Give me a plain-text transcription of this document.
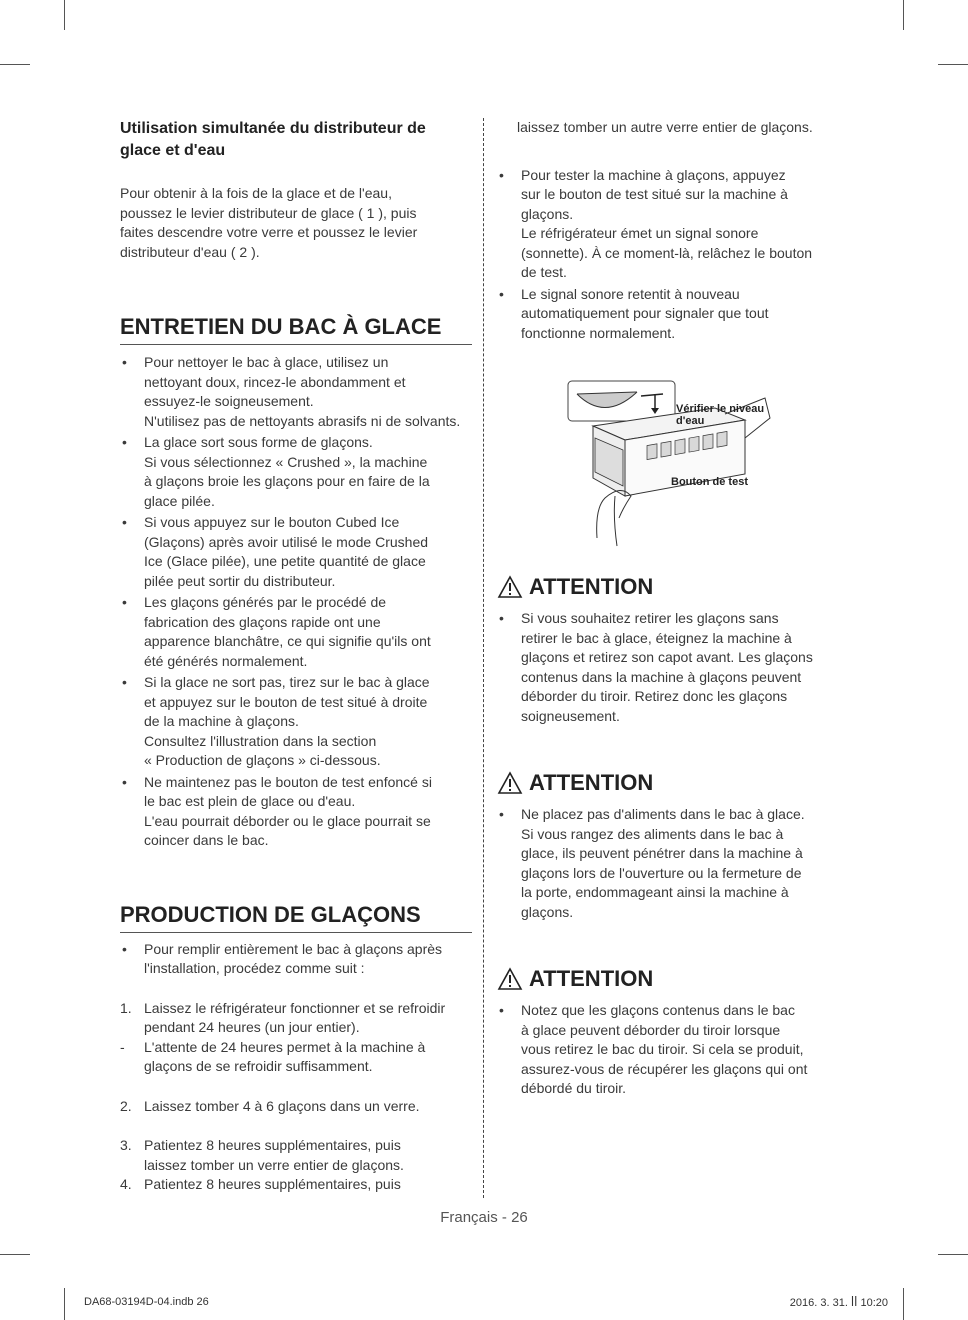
Utilisation simultanée du distributeur de
glace et d'eau

Pour obtenir à la fois de la glace et de l'eau,
poussez le levier distributeur de glace ( 1 ), puis
faites descendre votre verre et poussez le levier
distributeur d'eau ( 2 ).

ENTRETIEN DU BAC À GLACE
• Pour nettoyer le bac à glace, utilisez un
nettoyant doux, rincez-le abondamment et
essuyez-le soigneusement.
N'utilisez pas de nettoyants abrasifs ni de solvants.
• La glace sort sous forme de glaçons.
Si vous sélectionnez « Crushed », la machine
à glaçons broie les glaçons pour en faire de la
glace pilée.
• Si vous appuyez sur le bouton Cubed Ice
(Glaçons) après avoir utilisé le mode Crushed
Ice (Glace pilée), une petite quantité de glace
pilée peut sortir du distributeur.
• Les glaçons générés par le procédé de
fabrication des glaçons rapide ont une
apparence blanchâtre, ce qui signifie qu'ils ont
été générés normalement.
• Si la glace ne sort pas, tirez sur le bac à glace
et appuyez sur le bouton de test situé à droite
de la machine à glaçons.
Consultez l'illustration dans la section
« Production de glaçons » ci-dessous.
• Ne maintenez pas le bouton de test enfoncé si
le bac est plein de glace ou d'eau.
L'eau pourrait déborder ou le glace pourrait se
coincer dans le bac.
PRODUCTION DE GLAÇONS
• Pour remplir entièrement le bac à glaçons après
l'installation, procédez comme suit :
1. Laissez le réfrigérateur fonctionner et se refroidir
pendant 24 heures (un jour entier).
- L'attente de 24 heures permet à la machine à
glaçons de se refroidir suffisamment.
2. Laissez tomber 4 à 6 glaçons dans un verre.
3. Patientez 8 heures supplémentaires, puis
laissez tomber un verre entier de glaçons.
4. Patientez 8 heures supplémentaires, puis

laissez tomber un autre verre entier de glaçons.

• Pour tester la machine à glaçons, appuyez
sur le bouton de test situé sur la machine à
glaçons.
Le réfrigérateur émet un signal sonore
(sonnette). À ce moment-là, relâchez le bouton
de test.
• Le signal sonore retentit à nouveau
automatiquement pour signaler que tout
fonctionne normalement.
ATTENTION
• Si vous souhaitez retirer les glaçons sans
retirer le bac à glace, éteignez la machine à
glaçons et retirez son capot avant. Les glaçons
contenus dans la machine à glaçons peuvent
déborder du tiroir. Retirez donc les glaçons
soigneusement.
ATTENTION
• Ne placez pas d'aliments dans le bac à glace.
Si vous rangez des aliments dans le bac à
glace, ils peuvent pénétrer dans la machine à
glaçons lors de l'ouverture ou la fermeture de
la porte, endommageant ainsi la machine à
glaçons.
ATTENTION
• Notez que les glaçons contenus dans le bac
à glace peuvent déborder du tiroir lorsque
vous retirez le bac du tiroir. Si cela se produit,
assurez-vous de récupérer les glaçons qui ont
débordé du tiroir.
Vérifier le niveau d'eau
Bouton de test
Français - 26
DA68-03194D-04.indb 26	2016. 3. 31. ꟾꟾ 10:20
